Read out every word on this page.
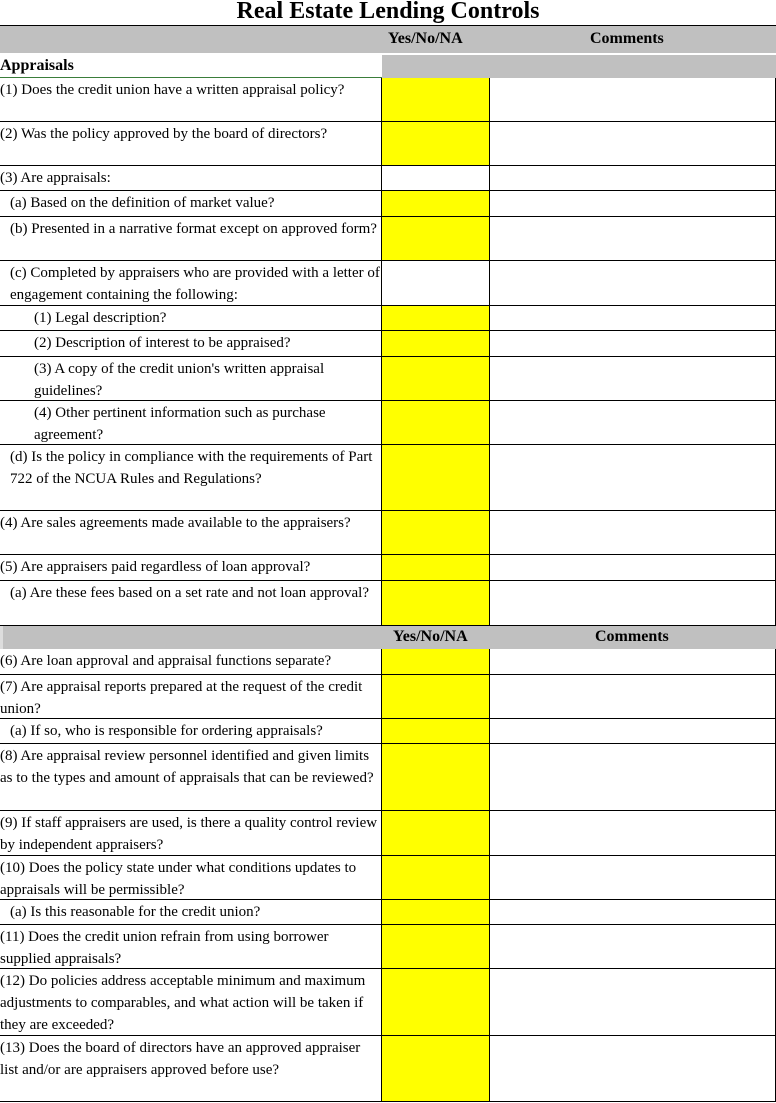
Real Estate Lending Controls
Yes/No/NA	Comments
Appraisals
(1) Does the credit union have a written appraisal policy?
(2) Was the policy approved by the board of directors?
(3) Are appraisals:
(a) Based on the definition of market value?
(b) Presented in a narrative format except on approved form?
(c) Completed by appraisers who are provided with a letter of engagement containing the following:
(1) Legal description?
(2) Description of interest to be appraised?
(3) A copy of the credit union's written appraisal guidelines?
(4) Other pertinent information such as purchase agreement?
(d) Is the policy in compliance with the requirements of Part 722 of the NCUA Rules and Regulations?
(4) Are sales agreements made available to the appraisers?
(5) Are appraisers paid regardless of loan approval?
(a) Are these fees based on a set rate and not loan approval?
Yes/No/NA	Comments
(6) Are loan approval and appraisal functions separate?
(7) Are appraisal reports prepared at the request of the credit union?
(a) If so, who is responsible for ordering appraisals?
(8) Are appraisal review personnel identified and given limits as to the types and amount of appraisals that can be reviewed?
(9) If staff appraisers are used, is there a quality control review by independent appraisers?
(10) Does the policy state under what conditions updates to appraisals will be permissible?
(a) Is this reasonable for the credit union?
(11) Does the credit union refrain from using borrower supplied appraisals?
(12) Do policies address acceptable minimum and maximum adjustments to comparables, and what action will be taken if they are exceeded?
(13) Does the board of directors have an approved appraiser list and/or are appraisers approved before use?
